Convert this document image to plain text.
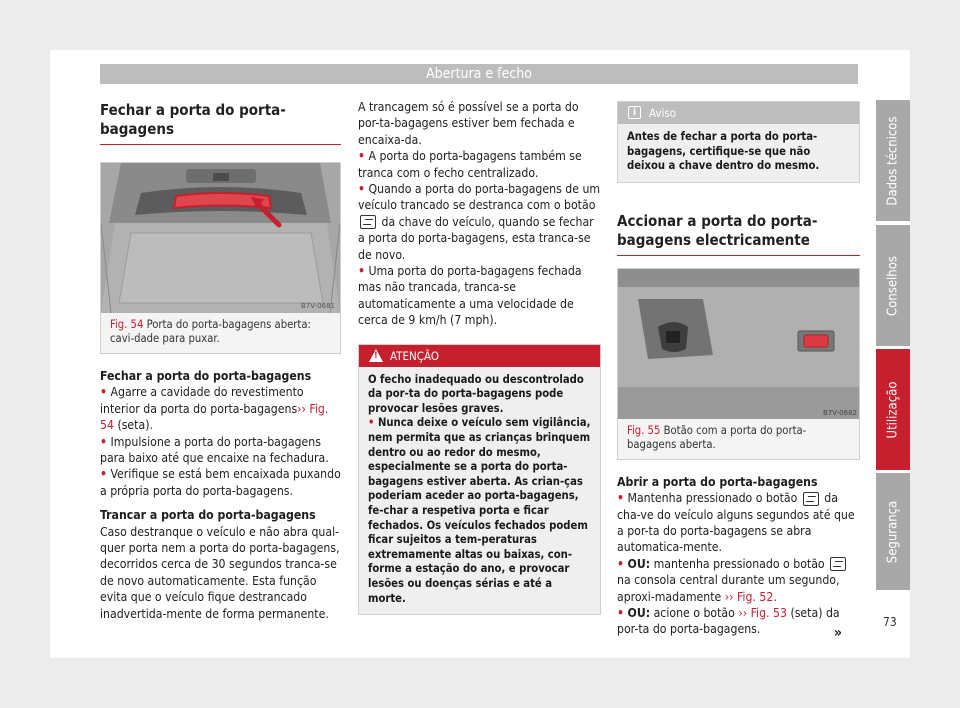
Abertura e fecho
Fechar a porta do porta-bagagens
B7V-0681
Fig. 54 Porta do porta-bagagens aberta: cavi-dade para puxar.
Fechar a porta do porta-bagagens

• Agarre a cavidade do revestimento interior da porta do porta-bagagens›› Fig. 54 (seta).

• Impulsione a porta do porta-bagagens para baixo até que encaixe na fechadura.

• Verifique se está bem encaixada puxando a própria porta do porta-bagagens.

Trancar a porta do porta-bagagens

Caso destranque o veículo e não abra qual-quer porta nem a porta do porta-bagagens, decorridos cerca de 30 segundos tranca-se de novo automaticamente. Esta função evita que o veículo fique destrancado inadvertida-mente de forma permanente.

A trancagem só é possível se a porta do por-ta-bagagens estiver bem fechada e encaixa-da.

• A porta do porta-bagagens também se tranca com o fecho centralizado.

• Quando a porta do porta-bagagens de um veículo trancado se destranca com o botão  da chave do veículo, quando se fechar a porta do porta-bagagens, esta tranca-se de novo.

• Uma porta do porta-bagagens fechada mas não trancada, tranca-se automaticamente a uma velocidade de cerca de 9 km/h (7 mph).

!
ATENÇÃO

O fecho inadequado ou descontrolado da por-ta do porta-bagagens pode provocar lesões graves.

• Nunca deixe o veículo sem vigilância, nem permita que as crianças brinquem dentro ou ao redor do mesmo, especialmente se a porta do porta-bagagens estiver aberta. As crian-ças poderiam aceder ao porta-bagagens, fe-char a respetiva porta e ficar fechados. Os veículos fechados podem ficar sujeitos a tem-peraturas extremamente altas ou baixas, con-forme a estação do ano, e provocar lesões ou doenças sérias e até a morte.

i	Aviso
Antes de fechar a porta do porta-bagagens, certifique-se que não deixou a chave dentro do mesmo.
Accionar a porta do porta-bagagens electricamente
B7V-0682
Fig. 55 Botão com a porta do porta-bagagens aberta.
Abrir a porta do porta-bagagens

• Mantenha pressionado o botão da cha-ve do veículo alguns segundos até que a por-ta do porta-bagagens se abra automatica-mente.

• OU: mantenha pressionado o botão  na consola central durante um segundo, aproxi-madamente ›› Fig. 52.

• OU: acione o botão ›› Fig. 53 (seta) da por-ta do porta-bagagens.	»
Dados técnicos
Conselhos
Utilização
Segurança
73
